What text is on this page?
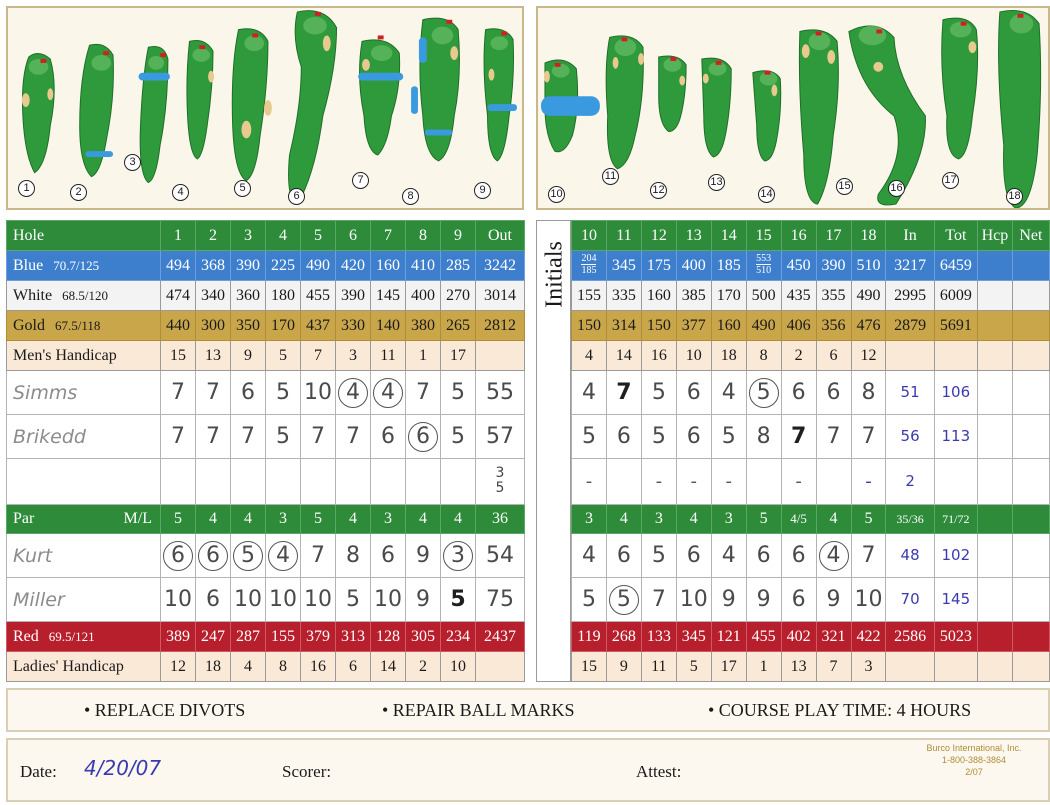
1	2
3
4	5
6
7
8	9	10
11
12
13
14
15	16
17
18
Hole	1	2	3	4	5	6	7	8	9	Out
Blue 70.7/125	494	368	390	225	490	420	160	410	285	3242
White 68.5/120	474	340	360	180	455	390	145	400	270	3014
Gold 67.5/118	440	300	350	170	437	330	140	380	265	2812
Men's Handicap	15	13	9	5	7	3	11	1	17	
Simms	7	7	6	5	10	4	4	7	5	55
Brikedd	7	7	7	5	7	7	6	6	5	57

										3
5

Par M/L	5	4	4	3	5	4	3	4	4	36
Kurt	6	6	5	4	7	8	6	9	3	54
Miller	10	6	10	10	10	5	10	9	5	75
Red 69.5/121	389	247	287	155	379	313	128	305	234	2437
Ladies' Handicap	12	18	4	8	16	6	14	2	10	
Initials
10	11	12	13	14	15	16	17	18	In	Tot	Hcp	Net

$\frac{204}{185}$	345	175	400	185	$\frac{553}{510}$	450	390	510	3217	6459		
155	335	160	385	170	500	435	355	490	2995	6009		
150	314	150	377	160	490	406	356	476	2879	5691		
4	14	16	10	18	8	2	6	12				
4	7	5	6	4	5	6	6	8	51	106		
5	6	5	6	5	8	7	7	7	56	113		
-		-	-	-		-		-	2			
3	4	3	4	3	5	4/5	4	5	35/36	71/72		
4	6	5	6	4	6	6	4	7	48	102		
5	5	7	10	9	9	6	9	10	70	145		
119	268	133	345	121	455	402	321	422	2586	5023		
15	9	11	5	17	1	13	7	3				
• REPLACE DIVOTS	• REPAIR BALL MARKS	• COURSE PLAY TIME: 4 HOURS
Date: 4/20/07	Scorer:	Attest:
Burco International, Inc.
1-800-388-3864
2/07
